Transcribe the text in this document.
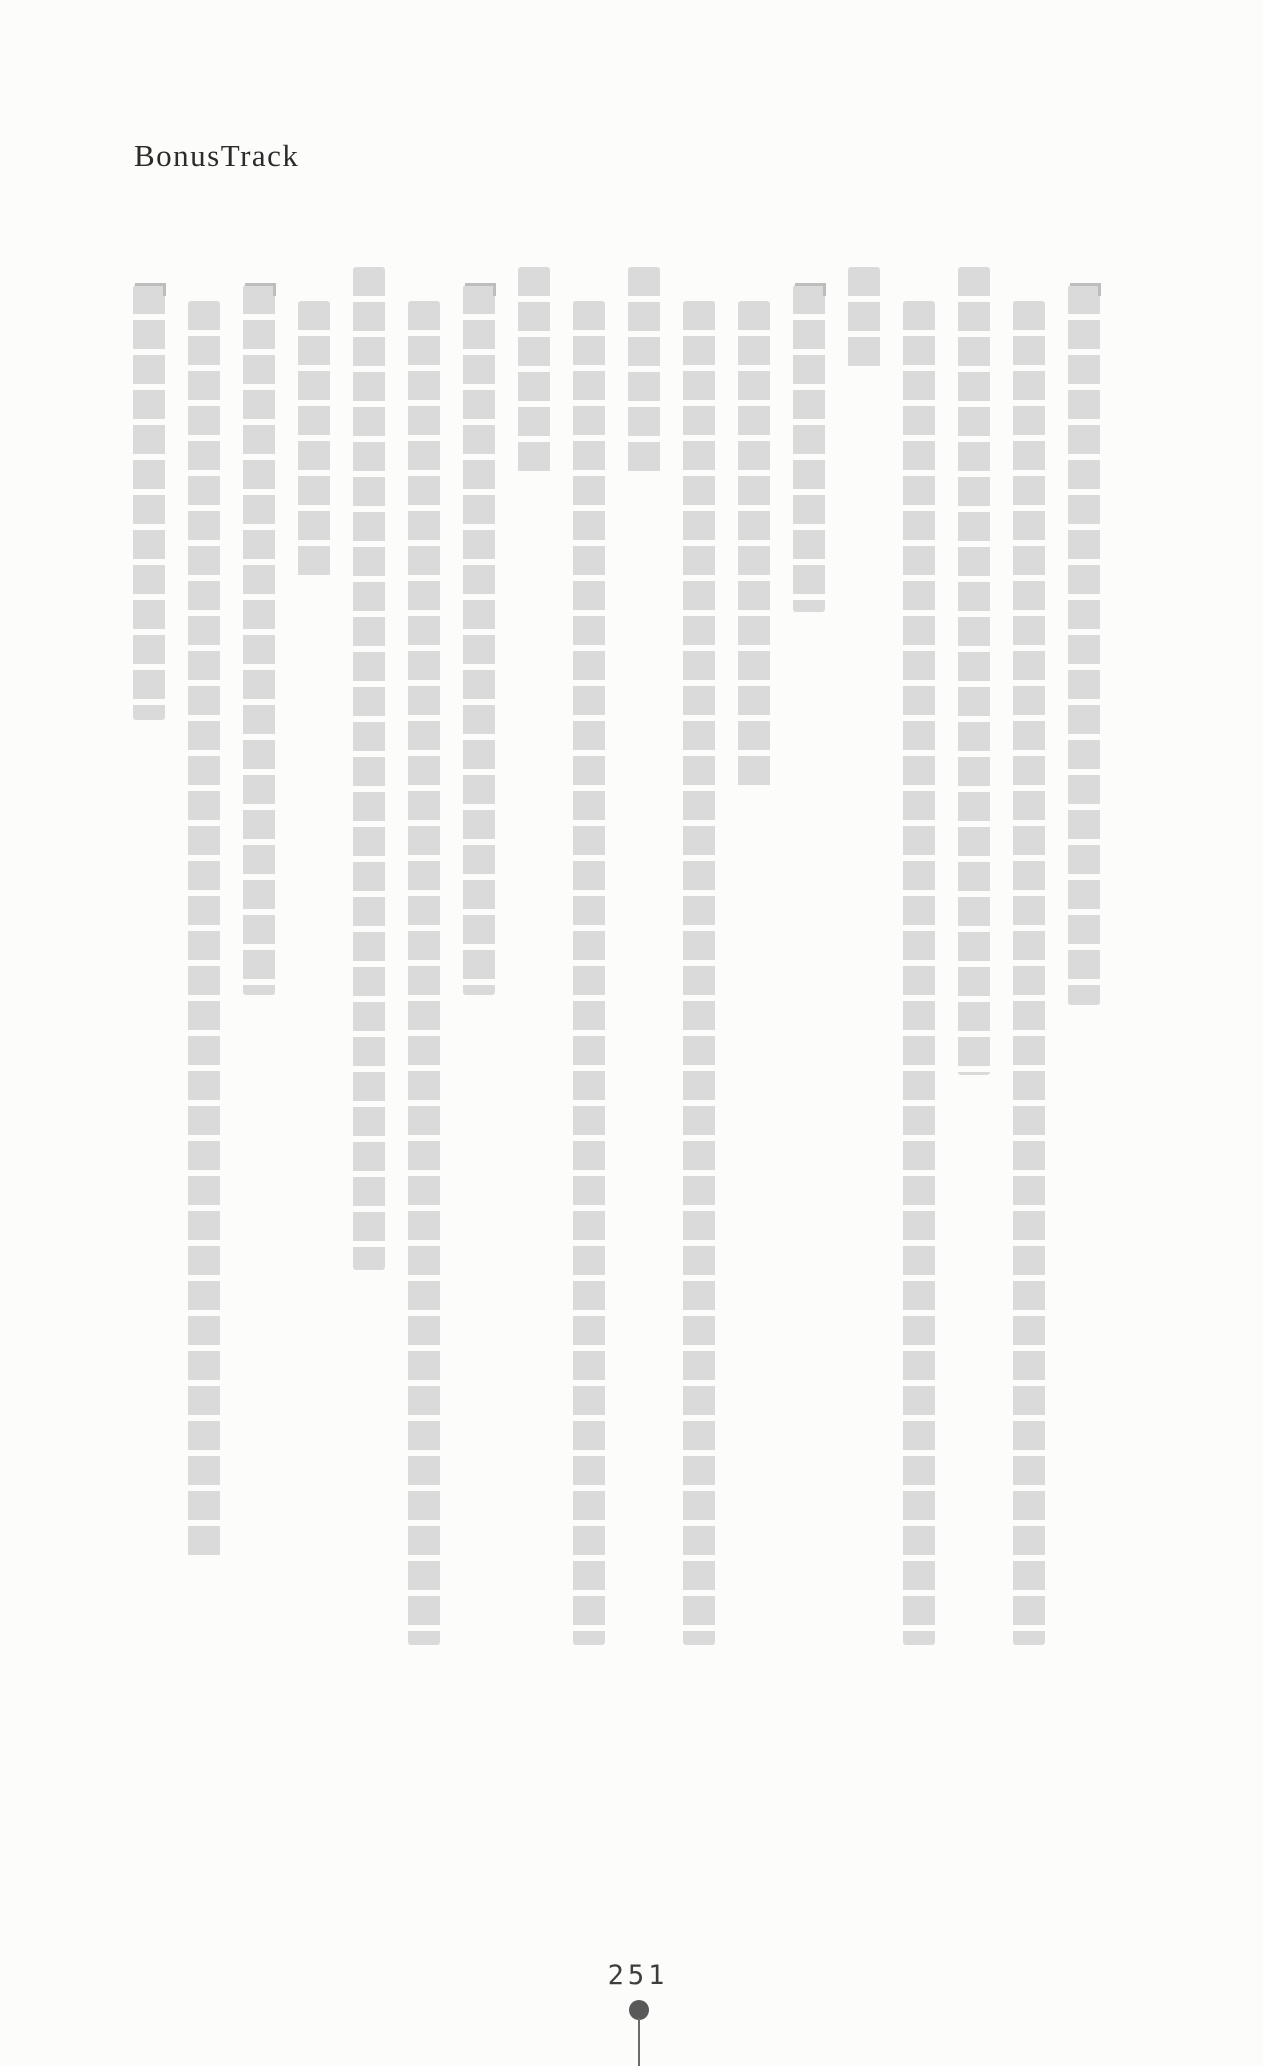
BonusTrack
251
